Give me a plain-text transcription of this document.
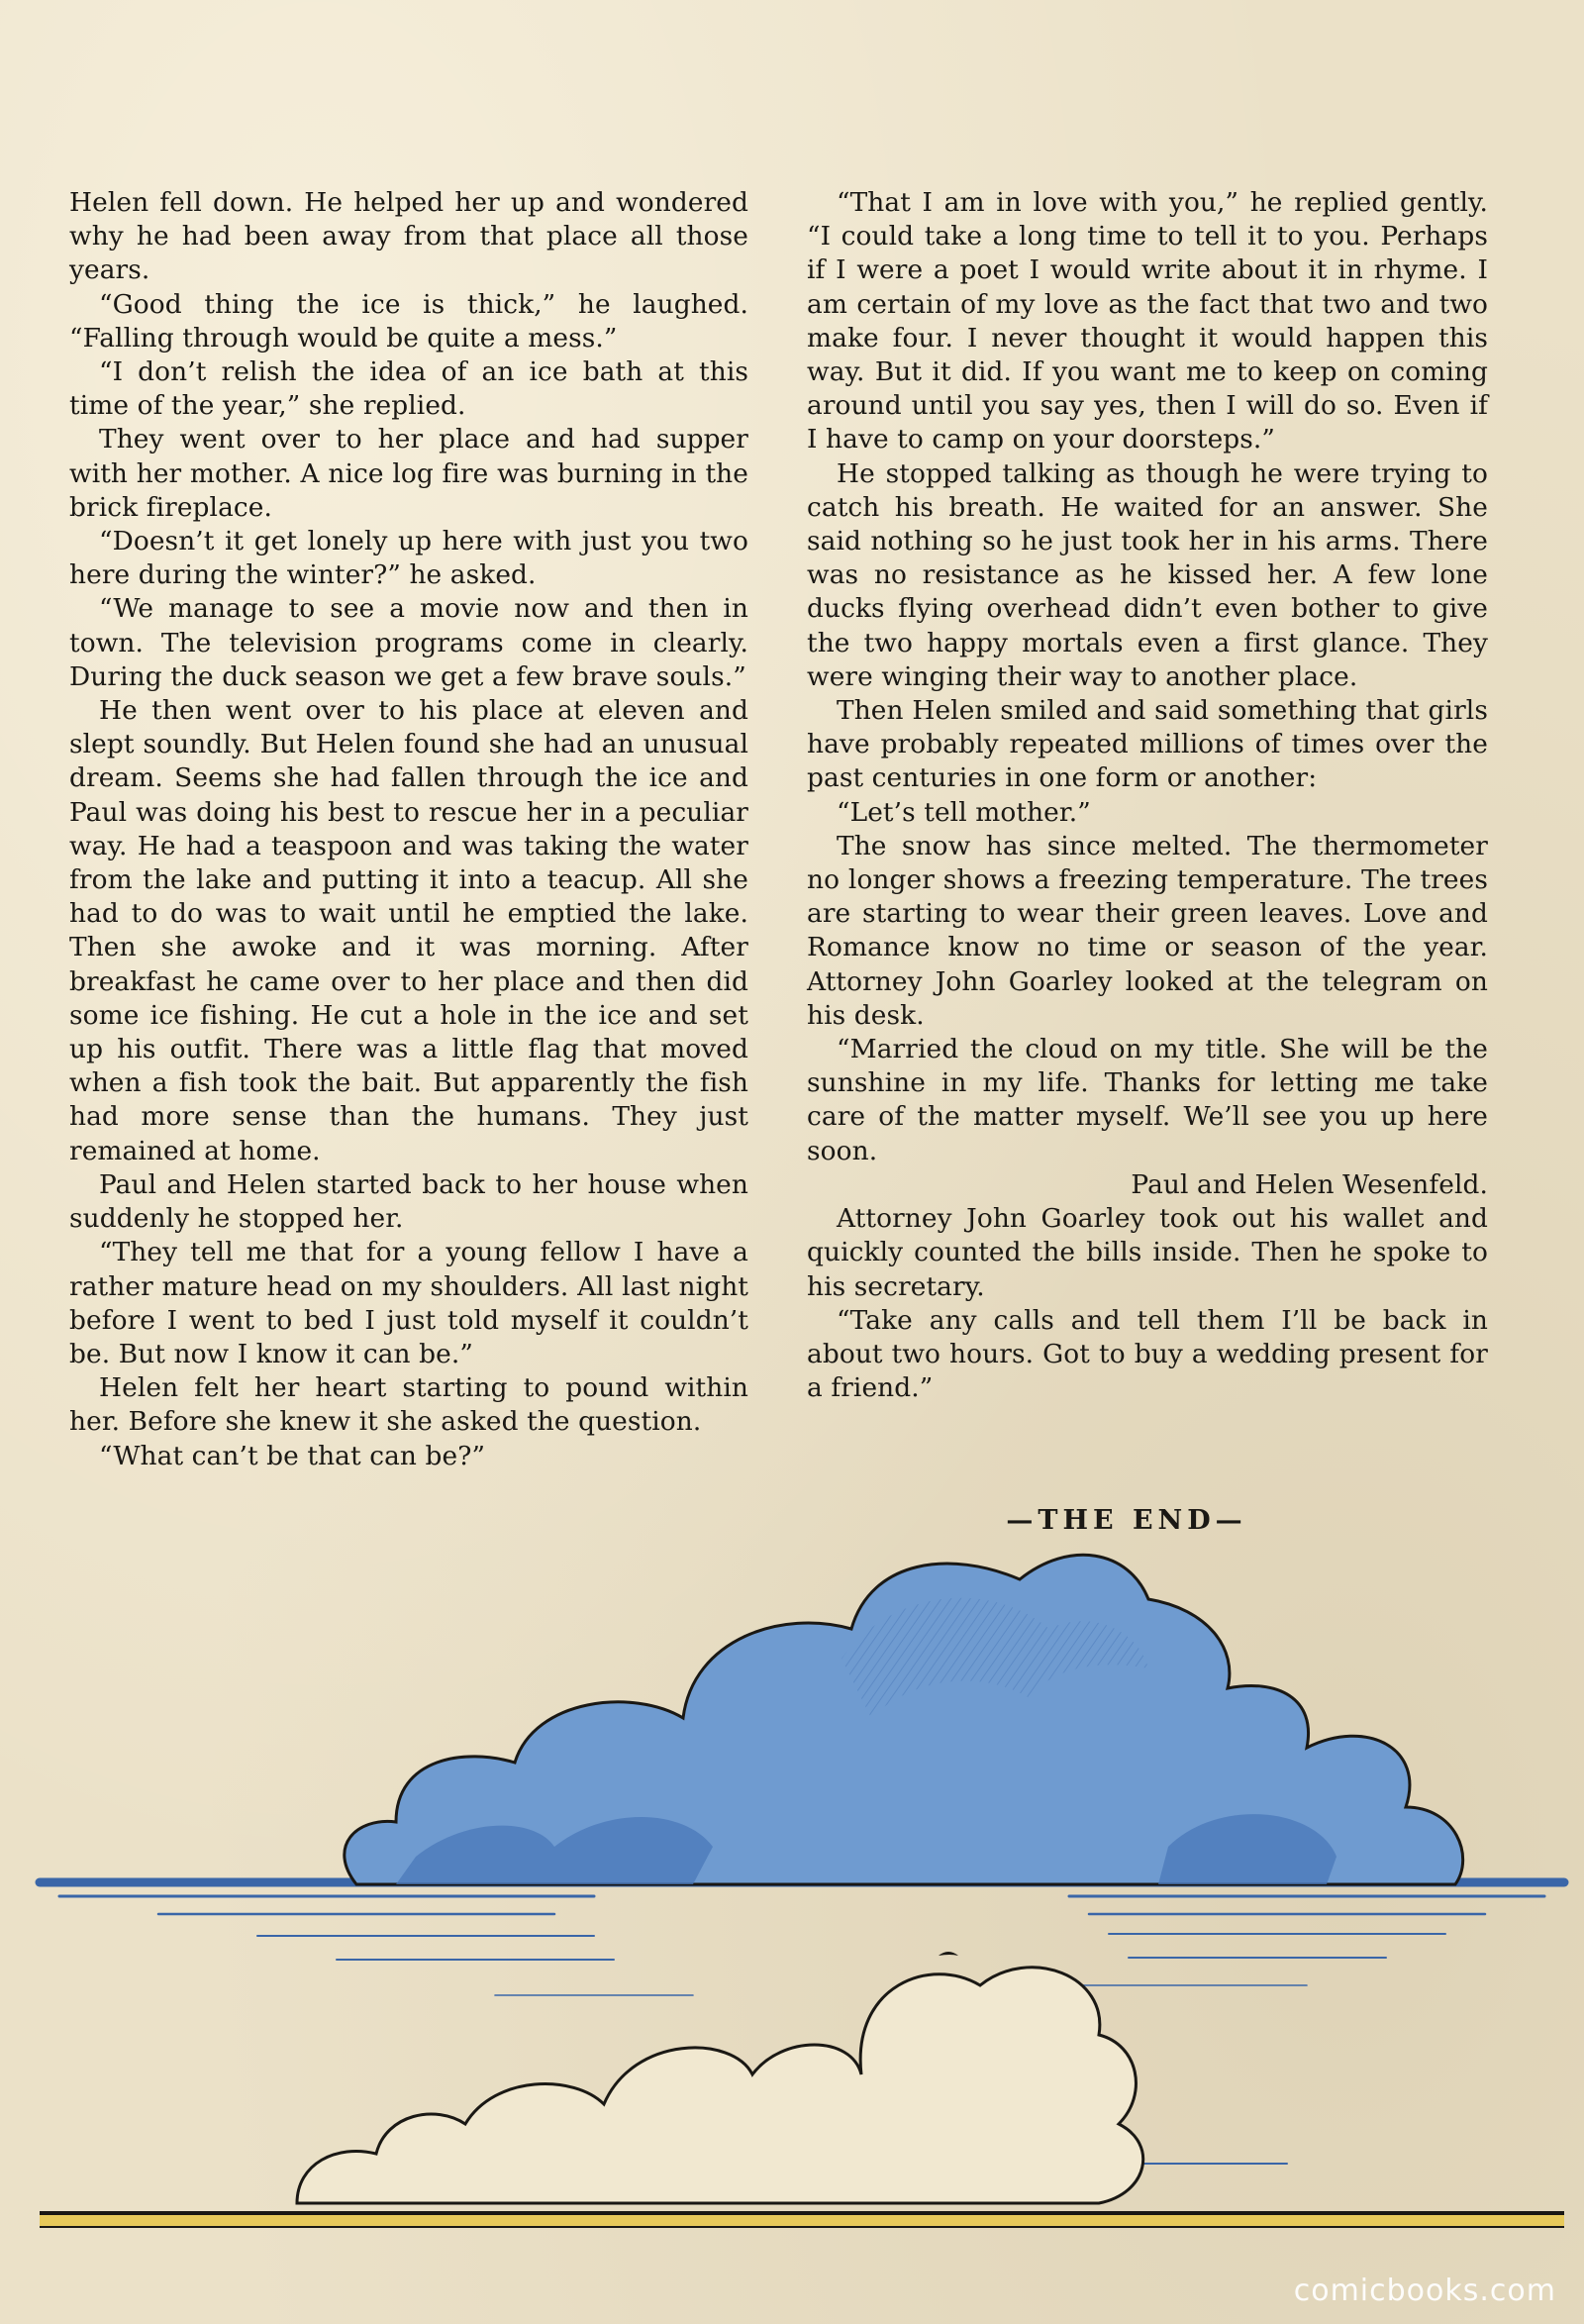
Helen fell down. He helped her up and wondered why he had been away from that place all those years.

“Good thing the ice is thick,” he laughed. “Falling through would be quite a mess.”

“I don’t relish the idea of an ice bath at this time of the year,” she replied.

They went over to her place and had supper with her mother. A nice log fire was burning in the brick fireplace.

“Doesn’t it get lonely up here with just you two here during the winter?” he asked.

“We manage to see a movie now and then in town. The television programs come in clearly. During the duck season we get a few brave souls.”

He then went over to his place at eleven and slept soundly. But Helen found she had an unusual dream. Seems she had fallen through the ice and Paul was doing his best to rescue her in a peculiar way. He had a teaspoon and was taking the water from the lake and putting it into a teacup. All she had to do was to wait until he emptied the lake. Then she awoke and it was morning. After breakfast he came over to her place and then did some ice fishing. He cut a hole in the ice and set up his outfit. There was a little flag that moved when a fish took the bait. But apparently the fish had more sense than the humans. They just remained at home.

Paul and Helen started back to her house when suddenly he stopped her.

“They tell me that for a young fellow I have a rather mature head on my shoulders. All last night before I went to bed I just told myself it couldn’t be. But now I know it can be.”

Helen felt her heart starting to pound within her. Before she knew it she asked the question.

“What can’t be that can be?”

“That I am in love with you,” he replied gently. “I could take a long time to tell it to you. Perhaps if I were a poet I would write about it in rhyme. I am certain of my love as the fact that two and two make four. I never thought it would happen this way. But it did. If you want me to keep on coming around until you say yes, then I will do so. Even if I have to camp on your doorsteps.”

He stopped talking as though he were trying to catch his breath. He waited for an answer. She said nothing so he just took her in his arms. There was no resistance as he kissed her. A few lone ducks flying overhead didn’t even bother to give the two happy mortals even a first glance. They were winging their way to another place.

Then Helen smiled and said something that girls have probably repeated millions of times over the past centuries in one form or another:

“Let’s tell mother.”

The snow has since melted. The thermometer no longer shows a freezing temperature. The trees are starting to wear their green leaves. Love and Romance know no time or season of the year. Attorney John Goarley looked at the telegram on his desk.

“Married the cloud on my title. She will be the sunshine in my life. Thanks for letting me take care of the matter myself. We’ll see you up here soon.

Paul and Helen Wesenfeld.

Attorney John Goarley took out his wallet and quickly counted the bills inside. Then he spoke to his secretary.

“Take any calls and tell them I’ll be back in about two hours. Got to buy a wedding present for a friend.”

—THE END—
comicbooks.com
